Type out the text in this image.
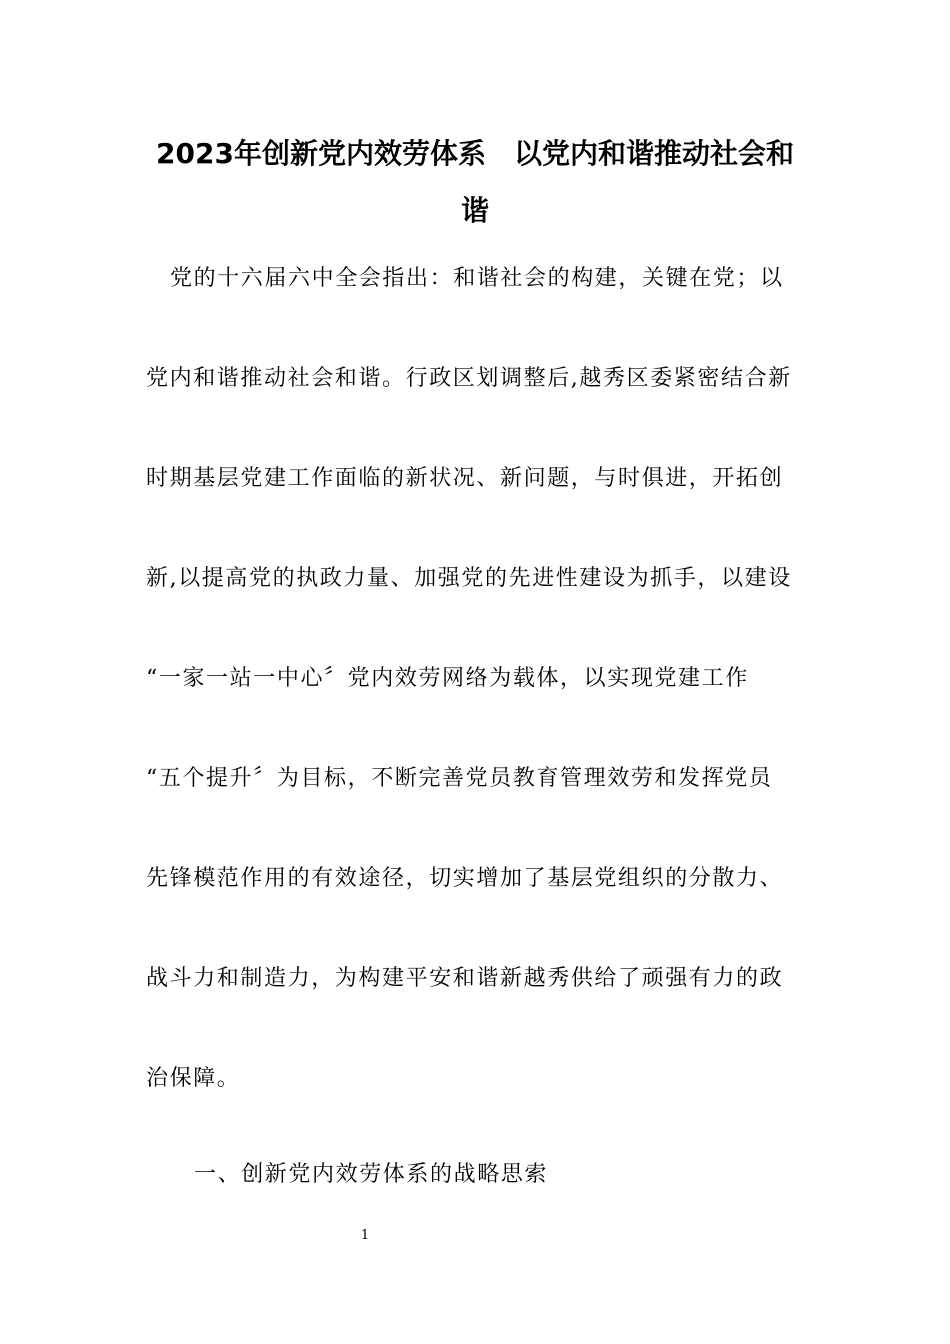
2023年创新党内效劳体系　以党内和谐推动社会和
谐
党的十六届六中全会指出：和谐社会的构建，关键在党；以
党内和谐推动社会和谐。行政区划调整后,越秀区委紧密结合新
时期基层党建工作面临的新状况、新问题，与时俱进，开拓创
新,以提高党的执政力量、加强党的先进性建设为抓手，以建设
“一家一站一中心〞党内效劳网络为载体，以实现党建工作
“五个提升〞为目标，不断完善党员教育管理效劳和发挥党员
先锋模范作用的有效途径，切实增加了基层党组织的分散力、
战斗力和制造力，为构建平安和谐新越秀供给了顽强有力的政
治保障。
一、创新党内效劳体系的战略思索
1
